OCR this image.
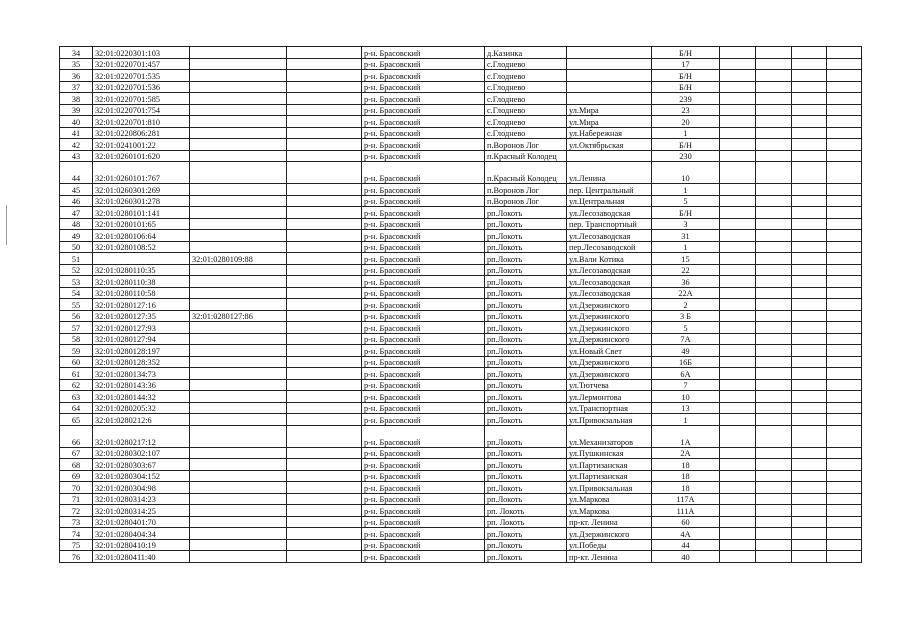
34	32:01:0220301:103			р-н. Брасовский	д.Казинка		Б/Н				
35	32:01:0220701:457			р-н. Брасовский	с.Глоднево		17				
36	32:01:0220701:535			р-н. Брасовский	с.Глоднево		Б/Н				
37	32:01:0220701:536			р-н. Брасовский	с.Глоднево		Б/Н				
38	32:01:0220701:585			р-н. Брасовский	с.Глоднево		239				
39	32:01:0220701:754			р-н. Брасовский	с.Глоднево	ул.Мира	23				
40	32:01:0220701:810			р-н. Брасовский	с.Глоднево	ул.Мира	20				
41	32:01:0220806:281			р-н. Брасовский	с.Глоднево	ул.Набережная	1				
42	32:01:0241001:22			р-н. Брасовский	п.Воронов Лог	ул.Октябрьская	Б/Н				
43	32:01:0260101:620			р-н. Брасовский	п.Красный Колодец		230				
44	32:01:0260101:767			р-н. Брасовский	п.Красный Колодец	ул.Ленина	10				
45	32:01:0260301:269			р-н. Брасовский	п.Воронов Лог	пер. Центральный	1				
46	32:01:0260301:278			р-н. Брасовский	п.Воронов Лог	ул.Центральная	5				
47	32:01:0280101:141			р-н. Брасовский	рп.Локоть	ул.Лесозаводская	Б/Н				
48	32:01:0280101:65			р-н. Брасовский	рп.Локоть	пер. Транспортный	3				
49	32:01:0280106:64			р-н. Брасовский	рп.Локоть	ул.Лесозаводская	31				
50	32:01:0280108:52			р-н. Брасовский	рп.Локоть	пер.Лесозаводской	1				
51		32:01:0280109:88		р-н. Брасовский	рп.Локоть	ул.Вали Котика	15				
52	32:01:0280110:35			р-н. Брасовский	рп.Локоть	ул.Лесозаводская	22				
53	32:01:0280110:38			р-н. Брасовский	рп.Локоть	ул.Лесозаводская	36				
54	32:01:0280110:58			р-н. Брасовский	рп.Локоть	ул.Лесозаводская	22А				
55	32:01:0280127:16			р-н. Брасовский	рп.Локоть	ул.Дзержинского	2				
56	32:01:0280127:35	32:01:0280127:86		р-н. Брасовский	рп.Локоть	ул.Дзержинского	3 Б				
57	32:01:0280127:93			р-н. Брасовский	рп.Локоть	ул.Дзержинского	5				
58	32:01:0280127:94			р-н. Брасовский	рп.Локоть	ул.Дзержинского	7А				
59	32:01:0280128:197			р-н. Брасовский	рп.Локоть	ул.Новый Свет	49				
60	32:01:0280128:352			р-н. Брасовский	рп.Локоть	ул.Дзержинского	16Б				
61	32:01:0280134:73			р-н. Брасовский	рп.Локоть	ул.Дзержинского	6А				
62	32:01:0280143:36			р-н. Брасовский	рп.Локоть	ул.Тютчева	7				
63	32:01:0280144:32			р-н. Брасовский	рп.Локоть	ул.Лермонтова	10				
64	32:01:0280205:32			р-н. Брасовский	рп.Локоть	ул.Транспортная	13				
65	32:01:0280212:6			р-н. Брасовский	рп.Локоть	ул.Привокзальная	1				
66	32:01:0280217:12			р-н. Брасовский	рп.Локоть	ул.Механизаторов	1А				
67	32:01:0280302:107			р-н. Брасовский	рп.Локоть	ул.Пушкинская	2А				
68	32:01:0280303:67			р-н. Брасовский	рп.Локоть	ул.Партизанская	18				
69	32:01:0280304:152			р-н. Брасовский	рп.Локоть	ул.Партизанская	18				
70	32:01:0280304:98			р-н. Брасовский	рп.Локоть	ул.Привокзальная	18				
71	32:01:0280314:23			р-н. Брасовский	рп.Локоть	ул.Маркова	117А				
72	32:01:0280314:25			р-н. Брасовский	рп. Локоть	ул.Маркова	111А				
73	32:01:0280401:70			р-н. Брасовский	рп. Локоть	пр-кт. Ленина	60				
74	32:01:0280404:34			р-н. Брасовский	рп.Локоть	ул.Дзержинского	4А				
75	32:01:0280410:19			р-н. Брасовский	рп.Локоть	ул.Победы	44				
76	32:01:0280411:40			р-н. Брасовский	рп.Локоть	пр-кт. Ленина	40				
